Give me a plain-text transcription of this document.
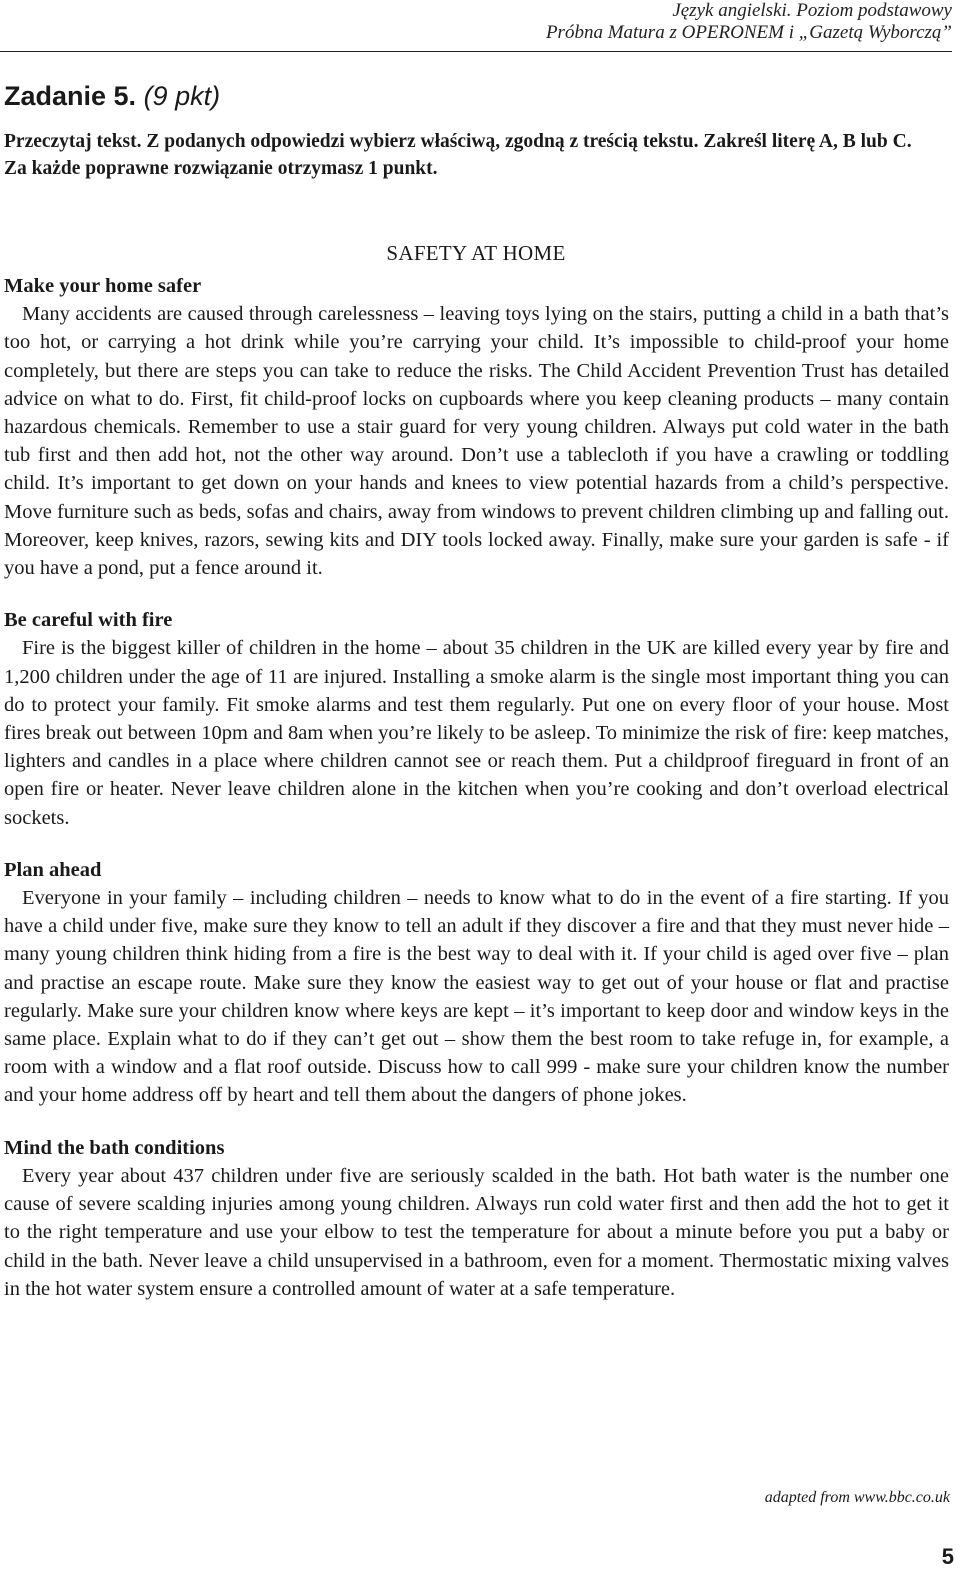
Język angielski. Poziom podstawowy
Próbna Matura z OPERONEM i „Gazetą Wyborczą”
Zadanie 5. (9 pkt)

Przeczytaj tekst. Z podanych odpowiedzi wybierz właściwą, zgodną z treścią tekstu. Zakreśl literę A, B lub C.

Za każde poprawne rozwiązanie otrzymasz 1 punkt.

SAFETY AT HOME
Make your home safer

Many accidents are caused through carelessness – leaving toys lying on the stairs, putting a child in a bath that’s too hot, or carrying a hot drink while you’re carrying your child. It’s impossible to child-proof your home completely, but there are steps you can take to reduce the risks. The Child Accident Prevention Trust has detailed advice on what to do. First, fit child-proof locks on cupboards where you keep cleaning products – many contain hazardous chemicals. Remember to use a stair guard for very young children. Always put cold water in the bath tub first and then add hot, not the other way around. Don’t use a tablecloth if you have a crawling or toddling child. It’s important to get down on your hands and knees to view potential hazards from a child’s perspective. Move furniture such as beds, sofas and chairs, away from windows to prevent children climbing up and falling out. Moreover, keep knives, razors, sewing kits and DIY tools locked away. Finally, make sure your garden is safe - if you have a pond, put a fence around it.

Be careful with fire

Fire is the biggest killer of children in the home – about 35 children in the UK are killed every year by fire and 1,200 children under the age of 11 are injured. Installing a smoke alarm is the single most important thing you can do to protect your family. Fit smoke alarms and test them regularly. Put one on every floor of your house. Most fires break out between 10pm and 8am when you’re likely to be asleep. To minimize the risk of fire: keep matches, lighters and candles in a place where children cannot see or reach them. Put a childproof fireguard in front of an open fire or heater. Never leave children alone in the kitchen when you’re cooking and don’t overload electrical sockets.

Plan ahead

Everyone in your family – including children – needs to know what to do in the event of a fire starting. If you have a child under five, make sure they know to tell an adult if they discover a fire and that they must never hide – many young children think hiding from a fire is the best way to deal with it. If your child is aged over five – plan and practise an escape route. Make sure they know the easiest way to get out of your house or flat and practise regularly. Make sure your children know where keys are kept – it’s important to keep door and window keys in the same place. Explain what to do if they can’t get out – show them the best room to take refuge in, for example, a room with a window and a flat roof outside. Discuss how to call 999 - make sure your children know the number and your home address off by heart and tell them about the dangers of phone jokes.

Mind the bath conditions

Every year about 437 children under five are seriously scalded in the bath. Hot bath water is the number one cause of severe scalding injuries among young children. Always run cold water first and then add the hot to get it to the right temperature and use your elbow to test the temperature for about a minute before you put a baby or child in the bath. Never leave a child unsupervised in a bathroom, even for a moment. Thermostatic mixing valves in the hot water system ensure a controlled amount of water at a safe temperature.

adapted from www.bbc.co.uk
5
